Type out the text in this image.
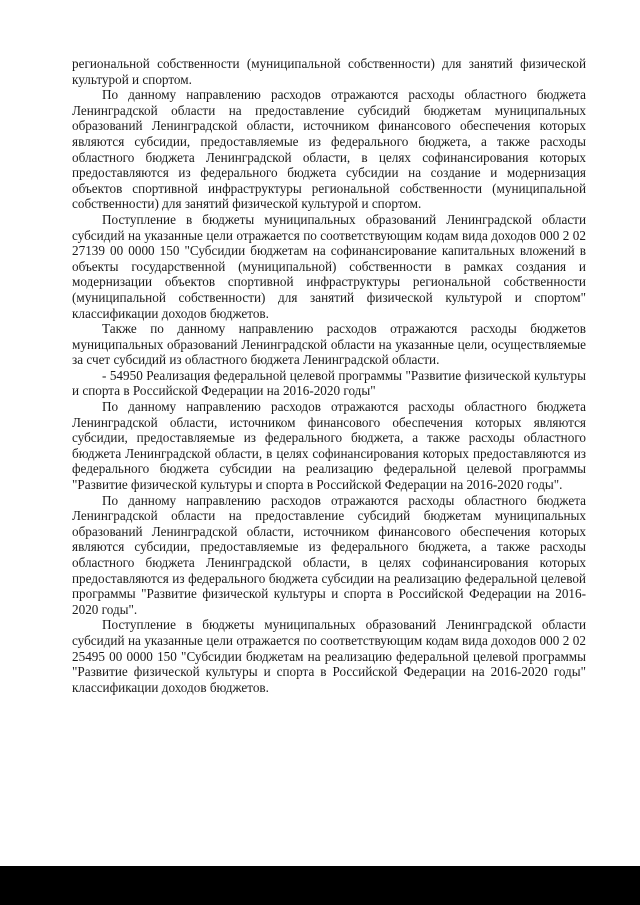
региональной собственности (муниципальной собственности) для занятий физической культурой и спортом.

По данному направлению расходов отражаются расходы областного бюджета Ленинградской области на предоставление субсидий бюджетам муниципальных образований Ленинградской области, источником финансового обеспечения которых являются субсидии, предоставляемые из федерального бюджета, а также расходы областного бюджета Ленинградской области, в целях софинансирования которых предоставляются из федерального бюджета субсидии на создание и модернизация объектов спортивной инфраструктуры региональной собственности (муниципальной собственности) для занятий физической культурой и спортом.

Поступление в бюджеты муниципальных образований Ленинградской области субсидий на указанные цели отражается по соответствующим кодам вида доходов 000 2 02 27139 00 0000 150 "Субсидии бюджетам на софинансирование капитальных вложений в объекты государственной (муниципальной) собственности в рамках создания и модернизации объектов спортивной инфраструктуры региональной собственности (муниципальной собственности) для занятий физической культурой и спортом" классификации доходов бюджетов.

Также по данному направлению расходов отражаются расходы бюджетов муниципальных образований Ленинградской области на указанные цели, осуществляемые за счет субсидий из областного бюджета Ленинградской области.

- 54950 Реализация федеральной целевой программы "Развитие физической культуры и спорта в Российской Федерации на 2016-2020 годы"

По данному направлению расходов отражаются расходы областного бюджета Ленинградской области, источником финансового обеспечения которых являются субсидии, предоставляемые из федерального бюджета, а также расходы областного бюджета Ленинградской области, в целях софинансирования которых предоставляются из федерального бюджета субсидии на реализацию федеральной целевой программы "Развитие физической культуры и спорта в Российской Федерации на 2016-2020 годы".

По данному направлению расходов отражаются расходы областного бюджета Ленинградской области на предоставление субсидий бюджетам муниципальных образований Ленинградской области, источником финансового обеспечения которых являются субсидии, предоставляемые из федерального бюджета, а также расходы областного бюджета Ленинградской области, в целях софинансирования которых предоставляются из федерального бюджета субсидии на реализацию федеральной целевой программы "Развитие физической культуры и спорта в Российской Федерации на 2016-2020 годы".

Поступление в бюджеты муниципальных образований Ленинградской области субсидий на указанные цели отражается по соответствующим кодам вида доходов 000 2 02 25495 00 0000 150 "Субсидии бюджетам на реализацию федеральной целевой программы "Развитие физической культуры и спорта в Российской Федерации на 2016-2020 годы" классификации доходов бюджетов.
